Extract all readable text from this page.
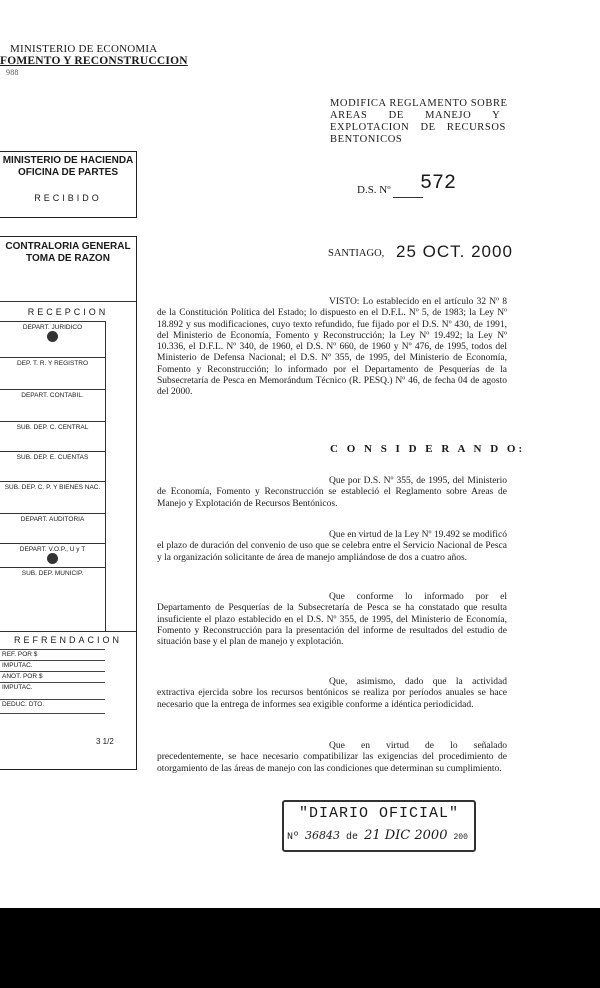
MINISTERIO DE ECONOMIA
FOMENTO Y RECONSTRUCCION
988
MODIFICA REGLAMENTO SOBRE
AREAS DE MANEJO Y
EXPLOTACION DE RECURSOS
BENTONICOS
D.S. Nº 572
SANTIAGO, 25 OCT. 2000
MINISTERIO DE HACIENDA
OFICINA DE PARTES
RECIBIDO
CONTRALORIA GENERAL
TOMA DE RAZON
RECEPCION
DEPART. JURIDICO
DEP. T. R. Y REGISTRO
DEPART. CONTABIL.
SUB. DEP. C. CENTRAL
SUB. DEP. E. CUENTAS
SUB. DEP. C. P. Y BIENES NAC.
DEPART. AUDITORIA
DEPART. V.O.P., U y T
SUB. DEP. MUNICIP.
REFRENDACION
REF. POR $
IMPUTAC.
ANOT. POR $
IMPUTAC.
DEDUC. DTO.
3 1/2
VISTO: Lo establecido en el artículo 32 Nº 8 de la Constitución Política del Estado; lo dispuesto en el D.F.L. Nº 5, de 1983; la Ley Nº 18.892 y sus modificaciones, cuyo texto refundido, fue fijado por el D.S. Nº 430, de 1991, del Ministerio de Economía, Fomento y Reconstrucción; la Ley Nº 19.492; la Ley Nº 10.336, el D.F.L. Nº 340, de 1960, el D.S. Nº 660, de 1960 y Nº 476, de 1995, todos del Ministerio de Defensa Nacional; el D.S. Nº 355, de 1995, del Ministerio de Economía, Fomento y Reconstrucción; lo informado por el Departamento de Pesquerías de la Subsecretaría de Pesca en Memorándum Técnico (R. PESQ.) Nº 46, de fecha 04 de agosto del 2000.
C O N S I D E R A N D O:
Que por D.S. Nº 355, de 1995, del Ministerio de Economía, Fomento y Reconstrucción se estableció el Reglamento sobre Areas de Manejo y Explotación de Recursos Bentónicos.
Que en virtud de la Ley Nº 19.492 se modificó el plazo de duración del convenio de uso que se celebra entre el Servicio Nacional de Pesca y la organización solicitante de área de manejo ampliándose de dos a cuatro años.
Que conforme lo informado por el Departamento de Pesquerías de la Subsecretaría de Pesca se ha constatado que resulta insuficiente el plazo establecido en el D.S. Nº 355, de 1995, del Ministerio de Economía, Fomento y Reconstrucción para la presentación del informe de resultados del estudio de situación base y el plan de manejo y explotación.
Que, asimismo, dado que la actividad extractiva ejercida sobre los recursos bentónicos se realiza por períodos anuales se hace necesario que la entrega de informes sea exigible conforme a idéntica periodicidad.
Que en virtud de lo señalado precedentemente, se hace necesario compatibilizar las exigencias del procedimiento de otorgamiento de las áreas de manejo con las condiciones que determinan su cumplimiento.
"DIARIO OFICIAL"
Nº 36843 de 21 DIC 2000 200
